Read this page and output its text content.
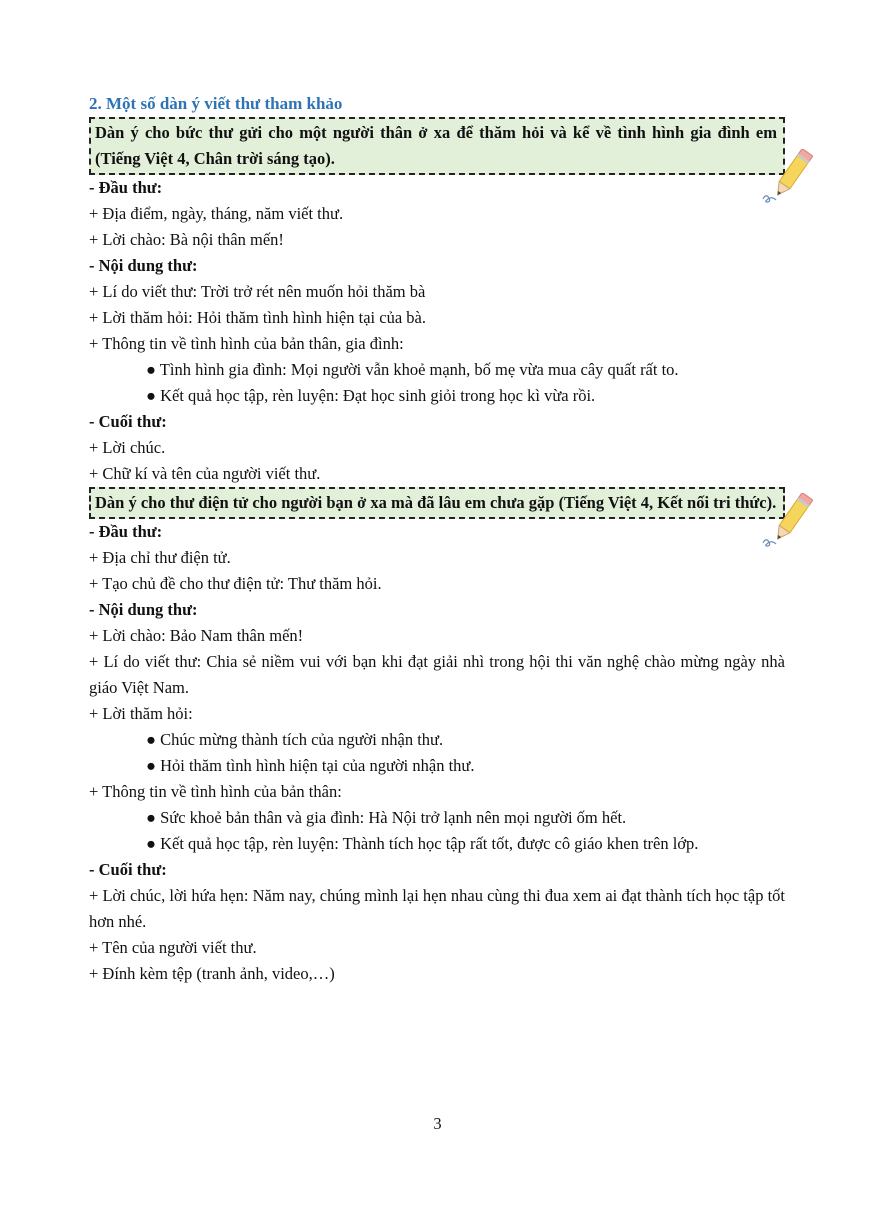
2. Một số dàn ý viết thư tham khảo
Dàn ý cho bức thư gửi cho một người thân ở xa để thăm hỏi và kể về tình hình gia đình em (Tiếng Việt 4, Chân trời sáng tạo).
- Đầu thư:
+ Địa điểm, ngày, tháng, năm viết thư.
+ Lời chào: Bà nội thân mến!
- Nội dung thư:
+ Lí do viết thư: Trời trở rét nên muốn hỏi thăm bà
+ Lời thăm hỏi: Hỏi thăm tình hình hiện tại của bà.
+ Thông tin về tình hình của bản thân, gia đình:
● Tình hình gia đình: Mọi người vẫn khoẻ mạnh, bố mẹ vừa mua cây quất rất to.
● Kết quả học tập, rèn luyện: Đạt học sinh giỏi trong học kì vừa rồi.
- Cuối thư:
+ Lời chúc.
+ Chữ kí và tên của người viết thư.
Dàn ý cho thư điện tử cho người bạn ở xa mà đã lâu em chưa gặp (Tiếng Việt 4, Kết nối tri thức).
- Đầu thư:
+ Địa chỉ thư điện tử.
+ Tạo chủ đề cho thư điện tử: Thư thăm hỏi.
- Nội dung thư:
+ Lời chào: Bảo Nam thân mến!
+ Lí do viết thư: Chia sẻ niềm vui với bạn khi đạt giải nhì trong hội thi văn nghệ chào mừng ngày nhà giáo Việt Nam.
+ Lời thăm hỏi:
● Chúc mừng thành tích của người nhận thư.
● Hỏi thăm tình hình hiện tại của người nhận thư.
+ Thông tin về tình hình của bản thân:
● Sức khoẻ bản thân và gia đình: Hà Nội trở lạnh nên mọi người ốm hết.
● Kết quả học tập, rèn luyện: Thành tích học tập rất tốt, được cô giáo khen trên lớp.
- Cuối thư:
+ Lời chúc, lời hứa hẹn: Năm nay, chúng mình lại hẹn nhau cùng thi đua xem ai đạt thành tích học tập tốt hơn nhé.
+ Tên của người viết thư.
+ Đính kèm tệp (tranh ảnh, video,…)
3
